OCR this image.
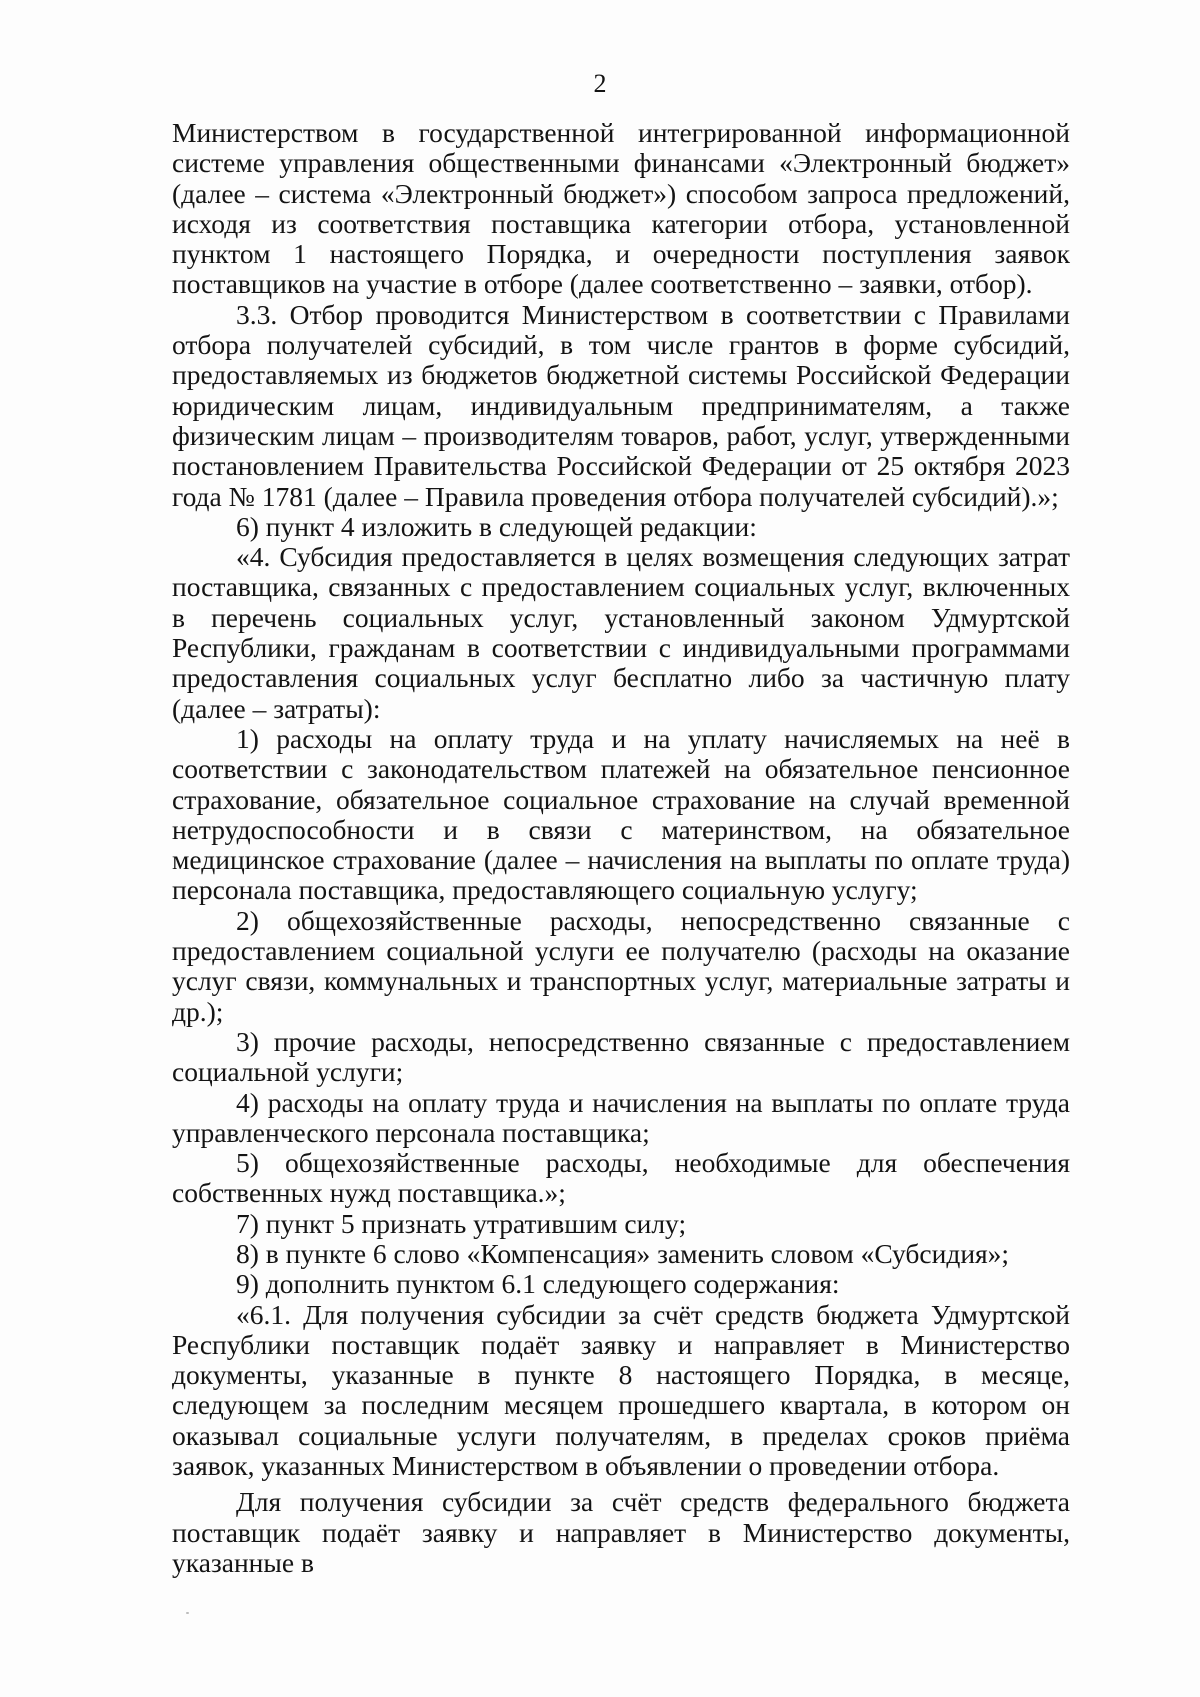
2

Министерством в государственной интегрированной информационной системе управления общественными финансами «Электронный бюджет» (далее – система «Электронный бюджет») способом запроса предложений, исходя из соответствия поставщика категории отбора, установленной пунктом 1 настоящего Порядка, и очередности поступления заявок поставщиков на участие в отборе (далее соответственно – заявки, отбор).

3.3. Отбор проводится Министерством в соответствии с Правилами отбора получателей субсидий, в том числе грантов в форме субсидий, предоставляемых из бюджетов бюджетной системы Российской Федерации юридическим лицам, индивидуальным предпринимателям, а также физическим лицам – производителям товаров, работ, услуг, утвержденными постановлением Правительства Российской Федерации от 25 октября 2023 года № 1781 (далее – Правила проведения отбора получателей субсидий).»;

6) пункт 4 изложить в следующей редакции:

«4. Субсидия предоставляется в целях возмещения следующих затрат поставщика, связанных с предоставлением социальных услуг, включенных в перечень социальных услуг, установленный законом Удмуртской Республики, гражданам в соответствии с индивидуальными программами предоставления социальных услуг бесплатно либо за частичную плату (далее – затраты):

1) расходы на оплату труда и на уплату начисляемых на неё в соответствии с законодательством платежей на обязательное пенсионное страхование, обязательное социальное страхование на случай временной нетрудоспособности и в связи с материнством, на обязательное медицинское страхование (далее – начисления на выплаты по оплате труда) персонала поставщика, предоставляющего социальную услугу;

2) общехозяйственные расходы, непосредственно связанные с предоставлением социальной услуги ее получателю (расходы на оказание услуг связи, коммунальных и транспортных услуг, материальные затраты и др.);

3) прочие расходы, непосредственно связанные с предоставлением социальной услуги;

4) расходы на оплату труда и начисления на выплаты по оплате труда управленческого персонала поставщика;

5) общехозяйственные расходы, необходимые для обеспечения собственных нужд поставщика.»;

7) пункт 5 признать утратившим силу;

8) в пункте 6 слово «Компенсация» заменить словом «Субсидия»;

9) дополнить пунктом 6.1 следующего содержания:

«6.1. Для получения субсидии за счёт средств бюджета Удмуртской Республики поставщик подаёт заявку и направляет в Министерство документы, указанные в пункте 8 настоящего Порядка, в месяце, следующем за последним месяцем прошедшего квартала, в котором он оказывал социальные услуги получателям, в пределах сроков приёма заявок, указанных Министерством в объявлении о проведении отбора.

Для получения субсидии за счёт средств федерального бюджета поставщик подаёт заявку и направляет в Министерство документы, указанные в
